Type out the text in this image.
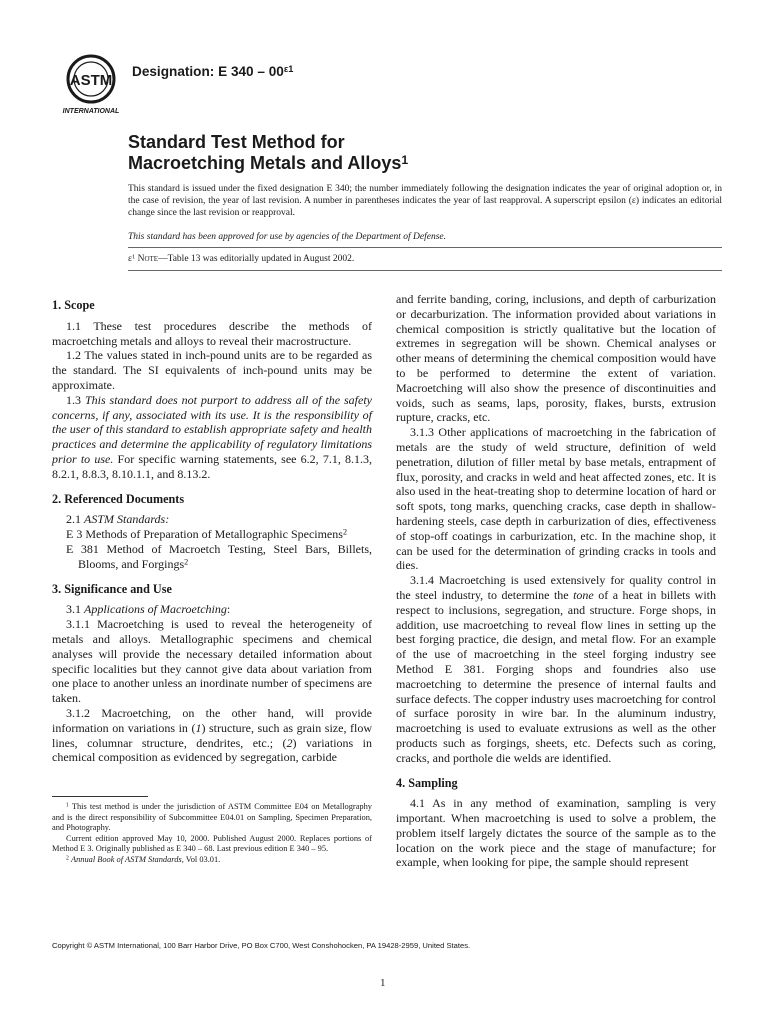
ASTM
INTERNATIONAL
Designation: E $340 - 00^{\varepsilon 1}$
Standard Test Method for
Macroetching Metals and Alloys$^1$
This standard is issued under the fixed designation E 340; the number immediately following the designation indicates the year of original adoption or, in the case of revision, the year of last revision. A number in parentheses indicates the year of last reapproval. A superscript epsilon (ε) indicates an editorial change since the last revision or reapproval.
This standard has been approved for use by agencies of the Department of Defense.
$\varepsilon^1$ Note—Table 13 was editorially updated in August 2002.
1. Scope

1.1 These test procedures describe the methods of macroetching metals and alloys to reveal their macrostructure.

1.2 The values stated in inch-pound units are to be regarded as the standard. The SI equivalents of inch-pound units may be approximate.

1.3 This standard does not purport to address all of the safety concerns, if any, associated with its use. It is the responsibility of the user of this standard to establish appropriate safety and health practices and determine the applicability of regulatory limitations prior to use. For specific warning statements, see 6.2, 7.1, 8.1.3, 8.2.1, 8.8.3, 8.10.1.1, and 8.13.2.

2. Referenced Documents

2.1 ASTM Standards:

E 3 Methods of Preparation of Metallographic Specimens$^2$

E 381 Method of Macroetch Testing, Steel Bars, Billets, Blooms, and Forgings$^2$

3. Significance and Use

3.1 Applications of Macroetching:

3.1.1 Macroetching is used to reveal the heterogeneity of metals and alloys. Metallographic specimens and chemical analyses will provide the necessary detailed information about specific localities but they cannot give data about variation from one place to another unless an inordinate number of specimens are taken.

3.1.2 Macroetching, on the other hand, will provide information on variations in (1) structure, such as grain size, flow lines, columnar structure, dendrites, etc.; (2) variations in chemical composition as evidenced by segregation, carbide

$^1$ This test method is under the jurisdiction of ASTM Committee E04 on Metallography and is the direct responsibility of Subcommittee E04.01 on Sampling, Specimen Preparation, and Photography.

Current edition approved May 10, 2000. Published August 2000. Replaces portions of Method E 3. Originally published as E 340 – 68. Last previous edition E 340 – 95.

$^2$ Annual Book of ASTM Standards, Vol 03.01.

and ferrite banding, coring, inclusions, and depth of carburization or decarburization. The information provided about variations in chemical composition is strictly qualitative but the location of extremes in segregation will be shown. Chemical analyses or other means of determining the chemical composition would have to be performed to determine the extent of variation. Macroetching will also show the presence of discontinuities and voids, such as seams, laps, porosity, flakes, bursts, extrusion rupture, cracks, etc.

3.1.3 Other applications of macroetching in the fabrication of metals are the study of weld structure, definition of weld penetration, dilution of filler metal by base metals, entrapment of flux, porosity, and cracks in weld and heat affected zones, etc. It is also used in the heat-treating shop to determine location of hard or soft spots, tong marks, quenching cracks, case depth in shallow-hardening steels, case depth in carburization of dies, effectiveness of stop-off coatings in carburization, etc. In the machine shop, it can be used for the determination of grinding cracks in tools and dies.

3.1.4 Macroetching is used extensively for quality control in the steel industry, to determine the tone of a heat in billets with respect to inclusions, segregation, and structure. Forge shops, in addition, use macroetching to reveal flow lines in setting up the best forging practice, die design, and metal flow. For an example of the use of macroetching in the steel forging industry see Method E 381. Forging shops and foundries also use macroetching to determine the presence of internal faults and surface defects. The copper industry uses macroetching for control of surface porosity in wire bar. In the aluminum industry, macroetching is used to evaluate extrusions as well as the other products such as forgings, sheets, etc. Defects such as coring, cracks, and porthole die welds are identified.

4. Sampling

4.1 As in any method of examination, sampling is very important. When macroetching is used to solve a problem, the problem itself largely dictates the source of the sample as to the location on the work piece and the stage of manufacture; for example, when looking for pipe, the sample should represent

Copyright © ASTM International, 100 Barr Harbor Drive, PO Box C700, West Conshohocken, PA 19428-2959, United States.
1
